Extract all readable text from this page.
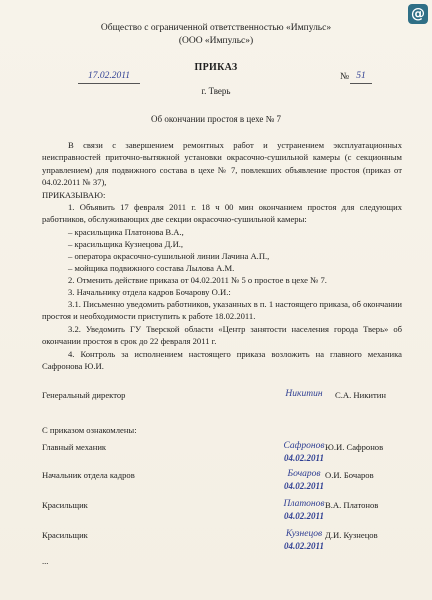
@
Общество с ограниченной ответственностью «Импульс»
(ООО «Импульс»)
ПРИКАЗ
17.02.2011	№ 51
г. Тверь
Об окончании простоя в цехе № 7
В связи с завершением ремонтных работ и устранением эксплуатационных неисправностей приточно-вытяжной установки окрасочно-сушильной камеры (с секционным управлением) для подвижного состава в цехе № 7, повлекших объявление простоя (приказ от 04.02.2011 № 37),
ПРИКАЗЫВАЮ:
1. Объявить 17 февраля 2011 г. 18 ч 00 мин окончанием простоя для следующих работников, обслуживающих две секции окрасочно-сушильной камеры:
– красильщика Платонова В.А.,
– красильщика Кузнецова Д.И.,
– оператора окрасочно-сушильной линии Лачина А.П.,
– мойщика подвижного состава Лылова А.М.
2. Отменить действие приказа от 04.02.2011 № 5 о простое в цехе № 7.
3. Начальнику отдела кадров Бочарову О.И.:
3.1. Письменно уведомить работников, указанных в п. 1 настоящего приказа, об окончании простоя и необходимости приступить к работе 18.02.2011.
3.2. Уведомить ГУ Тверской области «Центр занятости населения города Тверь» об окончании простоя в срок до 22 февраля 2011 г.
4. Контроль за исполнением настоящего приказа возложить на главного механика Сафронова Ю.И.
Генеральный директор	Никитин	С.А. Никитин
С приказом ознакомлены:
Главный механик	Сафронов
04.02.2011
Ю.И. Сафронов
Начальник отдела кадров	Бочаров
04.02.2011
О.И. Бочаров
Красильщик	Платонов
04.02.2011
В.А. Платонов
Красильщик	Кузнецов
04.02.2011
Д.И. Кузнецов
...
